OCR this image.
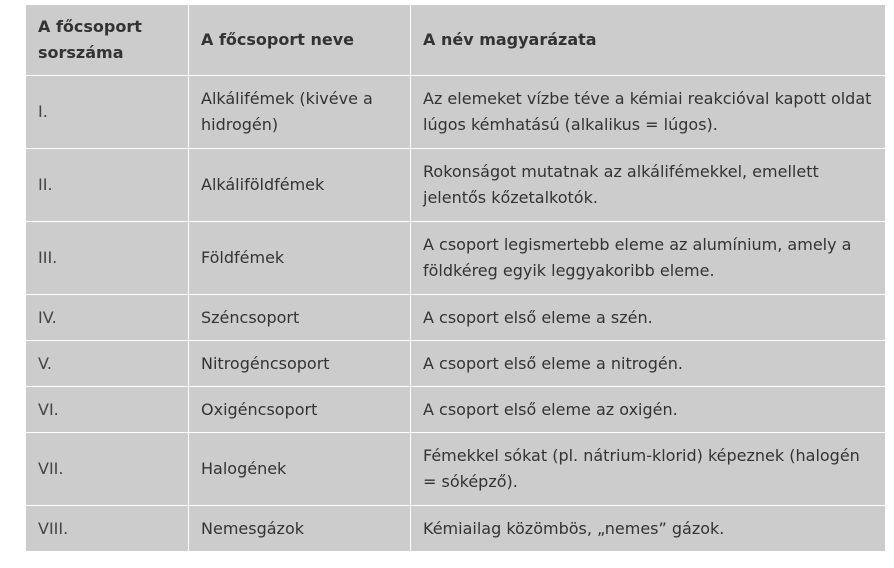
A főcsoport sorszáma	A főcsoport neve	A név magyarázata
I.	Alkálifémek (kivéve a hidrogén)	Az elemeket vízbe téve a kémiai reakcióval kapott oldat lúgos kémhatású (alkalikus = lúgos).
II.	Alkáliföldfémek	Rokonságot mutatnak az alkálifémekkel, emellett jelentős kőzetalkotók.
III.	Földfémek	A csoport legismertebb eleme az alumínium, amely a földkéreg egyik leggyakoribb eleme.
IV.	Széncsoport	A csoport első eleme a szén.
V.	Nitrogéncsoport	A csoport első eleme a nitrogén.
VI.	Oxigéncsoport	A csoport első eleme az oxigén.
VII.	Halogének	Fémekkel sókat (pl. nátrium-klorid) képeznek (halogén = sóképző).
VIII.	Nemesgázok	Kémiailag közömbös, „nemes” gázok.
